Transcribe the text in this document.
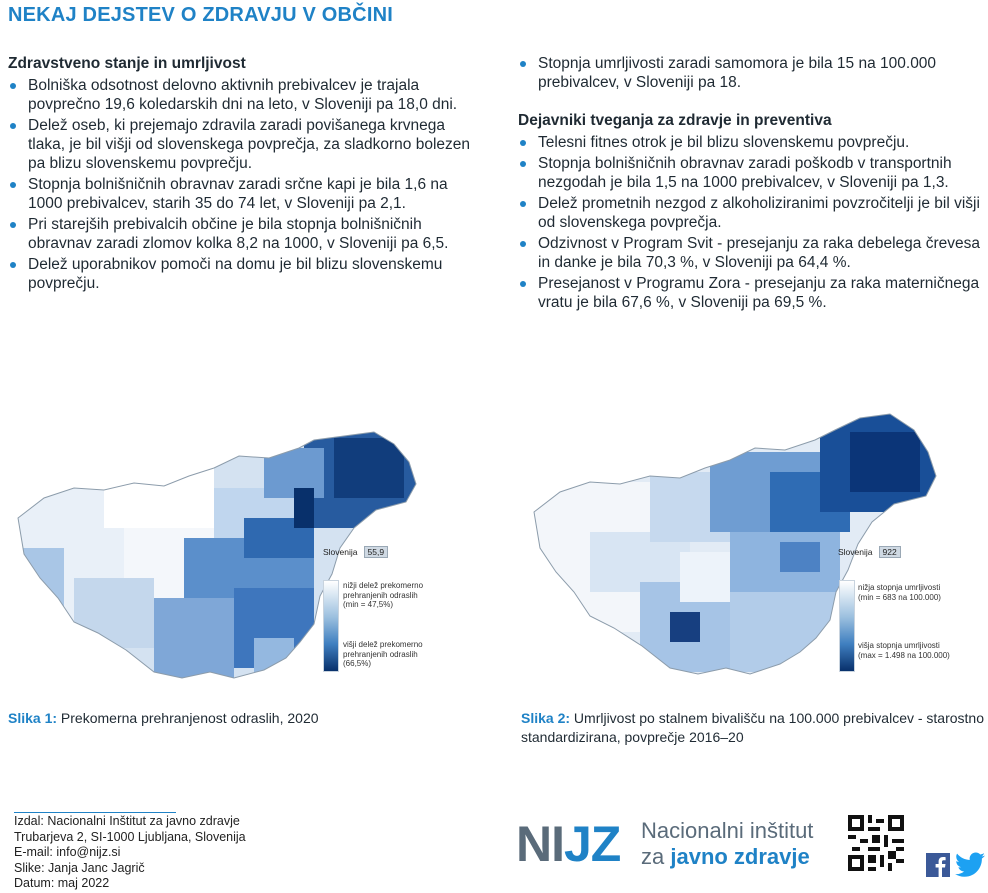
NEKAJ DEJSTEV O ZDRAVJU V OBČINI
Zdravstveno stanje in umrljivost
Bolniška odsotnost delovno aktivnih prebivalcev je trajala povprečno 19,6 koledarskih dni na leto, v Sloveniji pa 18,0 dni.
Delež oseb, ki prejemajo zdravila zaradi povišanega krvnega tlaka, je bil višji od slovenskega povprečja, za sladkorno bolezen pa blizu slovenskemu povprečju.
Stopnja bolnišničnih obravnav zaradi srčne kapi je bila 1,6 na 1000 prebivalcev, starih 35 do 74 let, v Sloveniji pa 2,1.
Pri starejših prebivalcih občine je bila stopnja bolnišničnih obravnav zaradi zlomov kolka 8,2 na 1000, v Sloveniji pa 6,5.
Delež uporabnikov pomoči na domu je bil blizu slovenskemu povprečju.
Stopnja umrljivosti zaradi samomora je bila 15 na 100.000 prebivalcev, v Sloveniji pa 18.
Dejavniki tveganja za zdravje in preventiva
Telesni fitnes otrok je bil blizu slovenskemu povprečju.
Stopnja bolnišničnih obravnav zaradi poškodb v transportnih nezgodah je bila 1,5 na 1000 prebivalcev, v Sloveniji pa 1,3.
Delež prometnih nezgod z alkoholiziranimi povzročitelji je bil višji od slovenskega povprečja.
Odzivnost v Program Svit - presejanju za raka debelega črevesa in danke je bila 70,3 %, v Sloveniji pa 64,4 %.
Presejanost v Programu Zora - presejanju za raka materničnega vratu je bila 67,6 %, v Sloveniji pa 69,5 %.
Slovenija 55,9
nižji delež prekomerno prehranjenih odraslih (min = 47,5%)
višji delež prekomerno prehranjenih odraslih (66,5%)
Slika 1: Prekomerna prehranjenost odraslih, 2020
Slovenija 922
nižja stopnja umrljivosti (min = 683 na 100.000)
višja stopnja umrljivosti (max = 1.498 na 100.000)
Slika 2: Umrljivost po stalnem bivališču na 100.000 prebivalcev - starostno standardizirana, povprečje 2016–20
Izdal: Nacionalni Inštitut za javno zdravje
Trubarjeva 2, SI-1000 Ljubljana, Slovenija
E-mail: info@nijz.si
Slike: Janja Janc Jagrič
Datum: maj 2022
NIJZ Nacionalni inštitut
za javno zdravje
